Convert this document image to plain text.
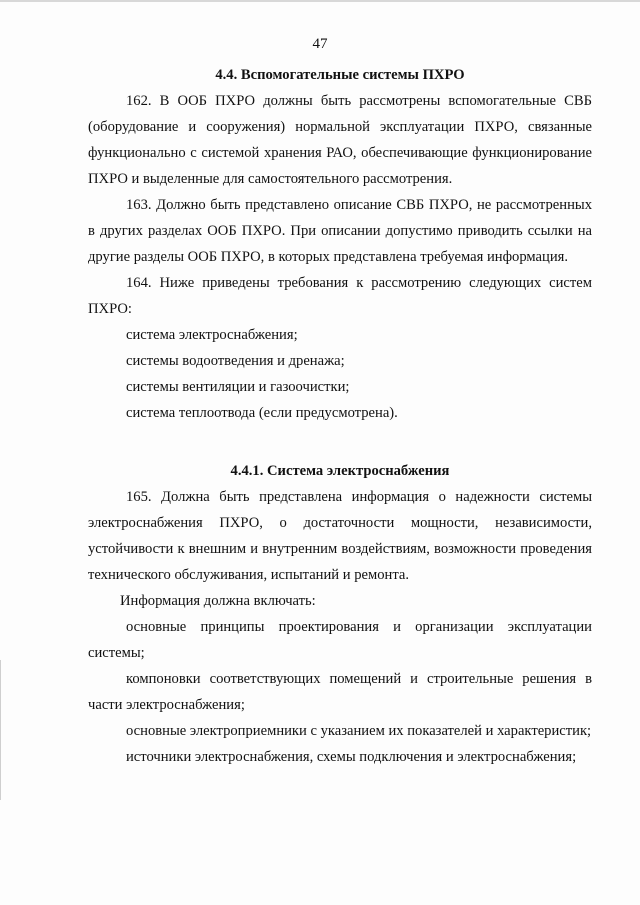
47
4.4. Вспомогательные системы ПХРО

162. В ООБ ПХРО должны быть рассмотрены вспомогательные СВБ (оборудование и сооружения) нормальной эксплуатации ПХРО, связанные функционально с системой хранения РАО, обеспечивающие функционирование ПХРО и выделенные для самостоятельного рассмотрения.

163. Должно быть представлено описание СВБ ПХРО, не рассмотренных в других разделах ООБ ПХРО. При описании допустимо приводить ссылки на другие разделы ООБ ПХРО, в которых представлена требуемая информация.

164. Ниже приведены требования к рассмотрению следующих систем ПХРО:

система электроснабжения;

системы водоотведения и дренажа;

системы вентиляции и газоочистки;

система теплоотвода (если предусмотрена).

4.4.1. Система электроснабжения

165. Должна быть представлена информация о надежности системы электроснабжения ПХРО, о достаточности мощности, независимости, устойчивости к внешним и внутренним воздействиям, возможности проведения технического обслуживания, испытаний и ремонта.

Информация должна включать:

основные принципы проектирования и организации эксплуатации системы;

компоновки соответствующих помещений и строительные решения в части электроснабжения;

основные электроприемники с указанием их показателей и характеристик;

источники электроснабжения, схемы подключения и электроснабжения;
